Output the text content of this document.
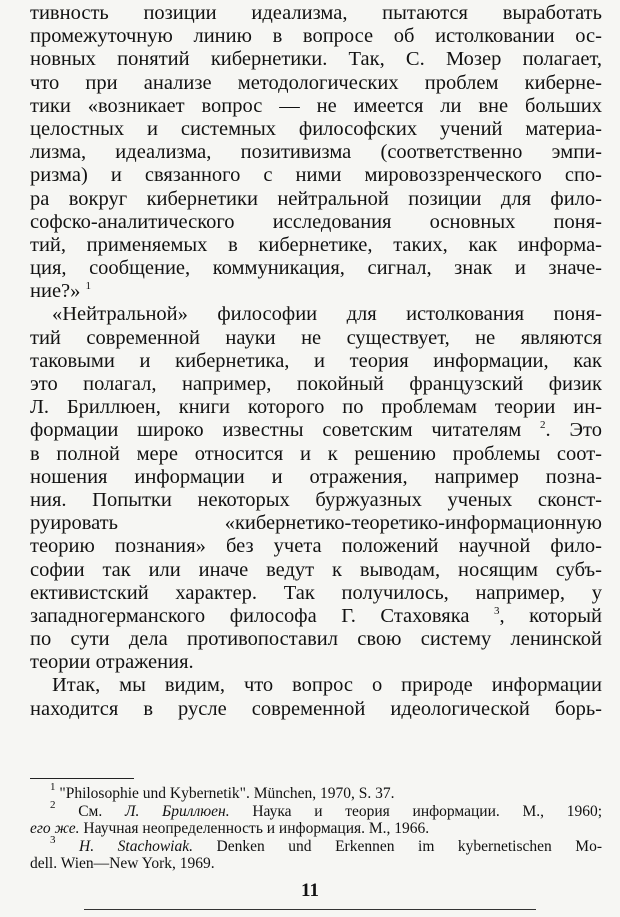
тивность позиции идеализма, пытаются выработать
промежуточную линию в вопросе об истолковании ос-
новных понятий кибернетики. Так, С. Мозер полагает,
что при анализе методологических проблем киберне-
тики «возникает вопрос — не имеется ли вне больших
целостных и системных философских учений материа-
лизма, идеализма, позитивизма (соответственно эмпи-
ризма) и связанного с ними мировоззренческого спо-
ра вокруг кибернетики нейтральной позиции для фило-
софско-аналитического исследования основных поня-
тий, применяемых в кибернетике, таких, как информа-
ция, сообщение, коммуникация, сигнал, знак и значе-
ние?» $^1$
«Нейтральной» философии для истолкования поня-
тий современной науки не существует, не являются
таковыми и кибернетика, и теория информации, как
это полагал, например, покойный французский физик
Л. Бриллюен, книги которого по проблемам теории ин-
формации широко известны советским читателям $^2$. Это
в полной мере относится и к решению проблемы соот-
ношения информации и отражения, например позна-
ния. Попытки некоторых буржуазных ученых сконст-
руировать «кибернетико-теоретико-информационную
теорию познания» без учета положений научной фило-
софии так или иначе ведут к выводам, носящим субъ-
ективистский характер. Так получилось, например, у
западногерманского философа Г. Стаховяка $^3$, который
по сути дела противопоставил свою систему ленинской
теории отражения.
Итак, мы видим, что вопрос о природе информации
находится в русле современной идеологической борь-
$^1$ "Philosophie und Kybernetik". München, 1970, S. 37.
$^2$ См. Л. Бриллюен. Наука и теория информации. М., 1960;
его же. Научная неопределенность и информация. М., 1966.
$^3$ H. Stachowiak. Denken und Erkennen im kybernetischen Mo-
dell. Wien—New York, 1969.
11
